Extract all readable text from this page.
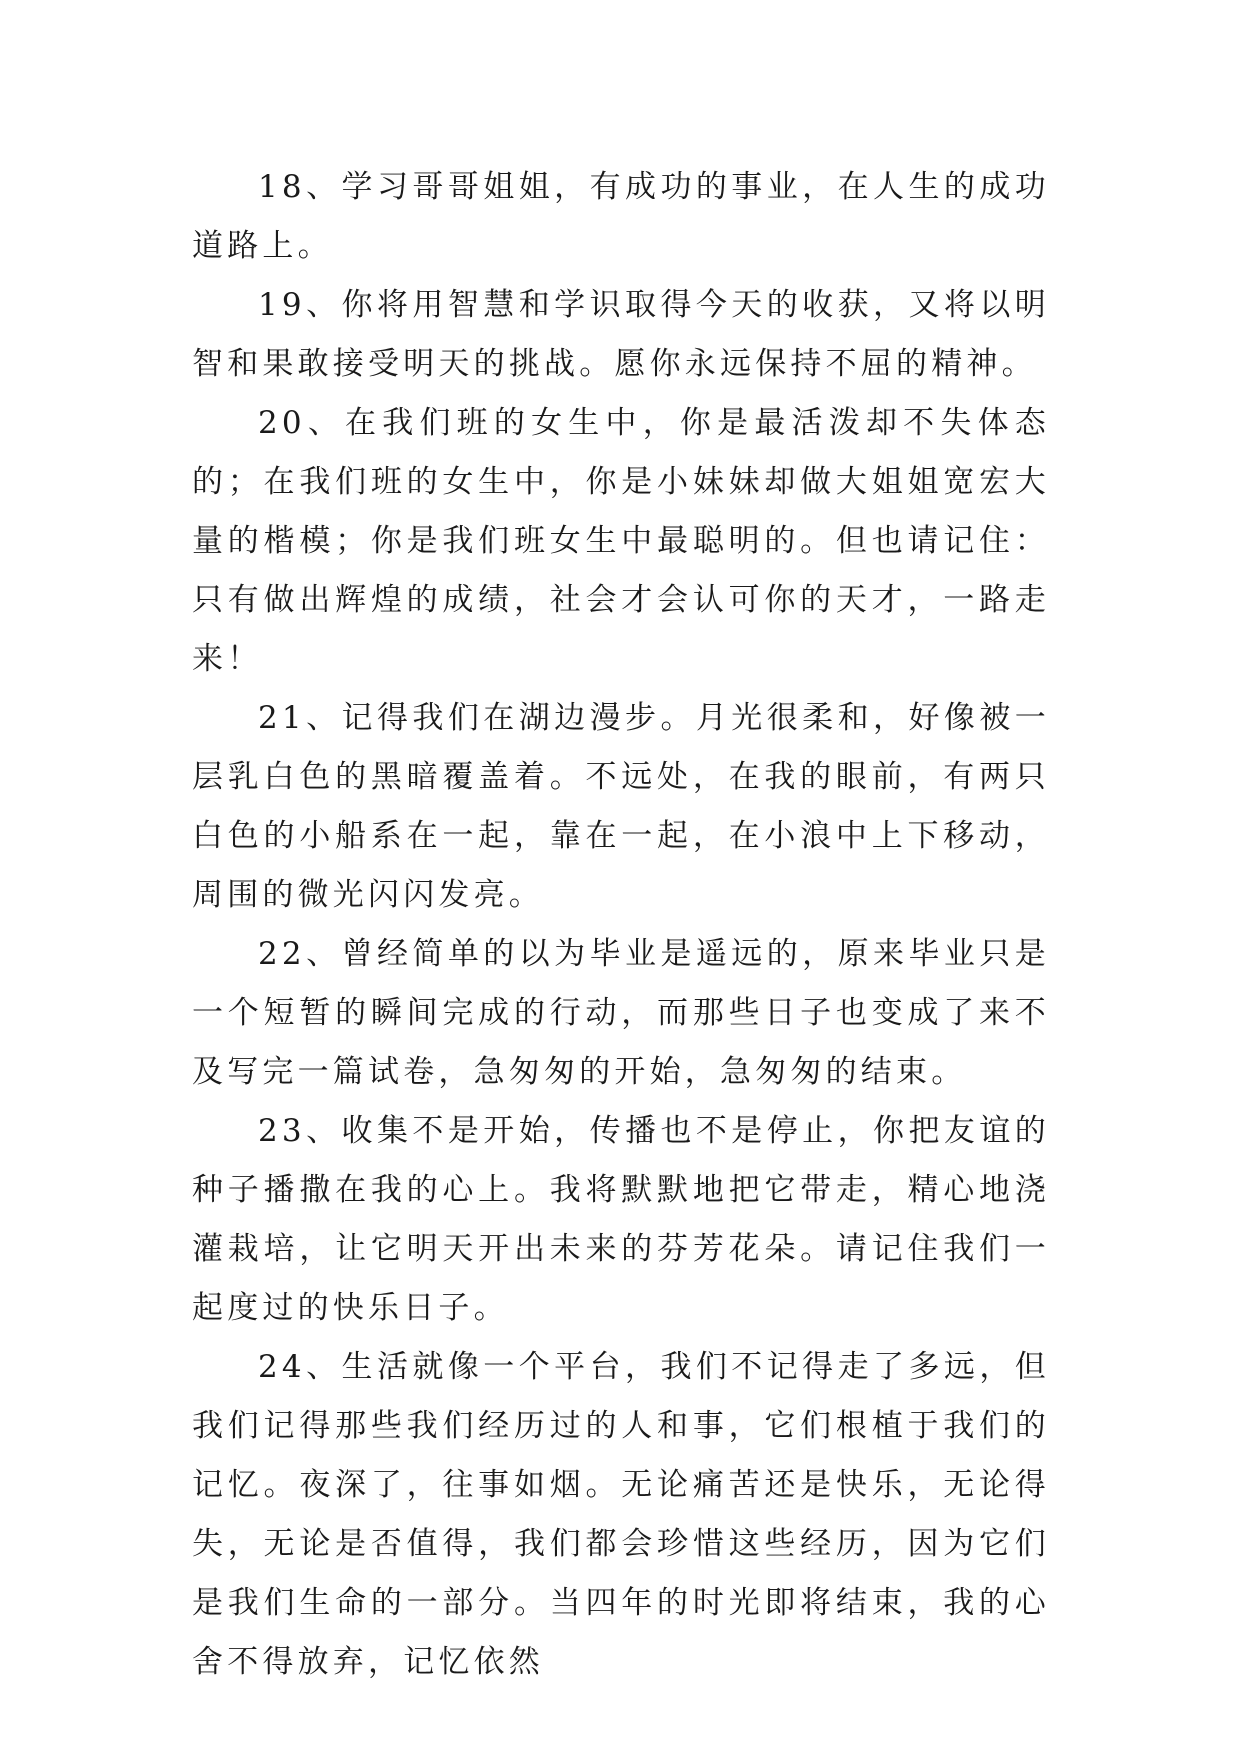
18、学习哥哥姐姐，有成功的事业，在人生的成功道路上。

19、你将用智慧和学识取得今天的收获，又将以明智和果敢接受明天的挑战。愿你永远保持不屈的精神。

20、在我们班的女生中，你是最活泼却不失体态的；在我们班的女生中，你是小妹妹却做大姐姐宽宏大量的楷模；你是我们班女生中最聪明的。但也请记住：只有做出辉煌的成绩，社会才会认可你的天才，一路走来！

21、记得我们在湖边漫步。月光很柔和，好像被一层乳白色的黑暗覆盖着。不远处，在我的眼前，有两只白色的小船系在一起，靠在一起，在小浪中上下移动，周围的微光闪闪发亮。

22、曾经简单的以为毕业是遥远的，原来毕业只是一个短暂的瞬间完成的行动，而那些日子也变成了来不及写完一篇试卷，急匆匆的开始，急匆匆的结束。

23、收集不是开始，传播也不是停止，你把友谊的种子播撒在我的心上。我将默默地把它带走，精心地浇灌栽培，让它明天开出未来的芬芳花朵。请记住我们一起度过的快乐日子。

24、生活就像一个平台，我们不记得走了多远，但我们记得那些我们经历过的人和事，它们根植于我们的记忆。夜深了，往事如烟。无论痛苦还是快乐，无论得失，无论是否值得，我们都会珍惜这些经历，因为它们是我们生命的一部分。当四年的时光即将结束，我的心舍不得放弃，记忆依然
